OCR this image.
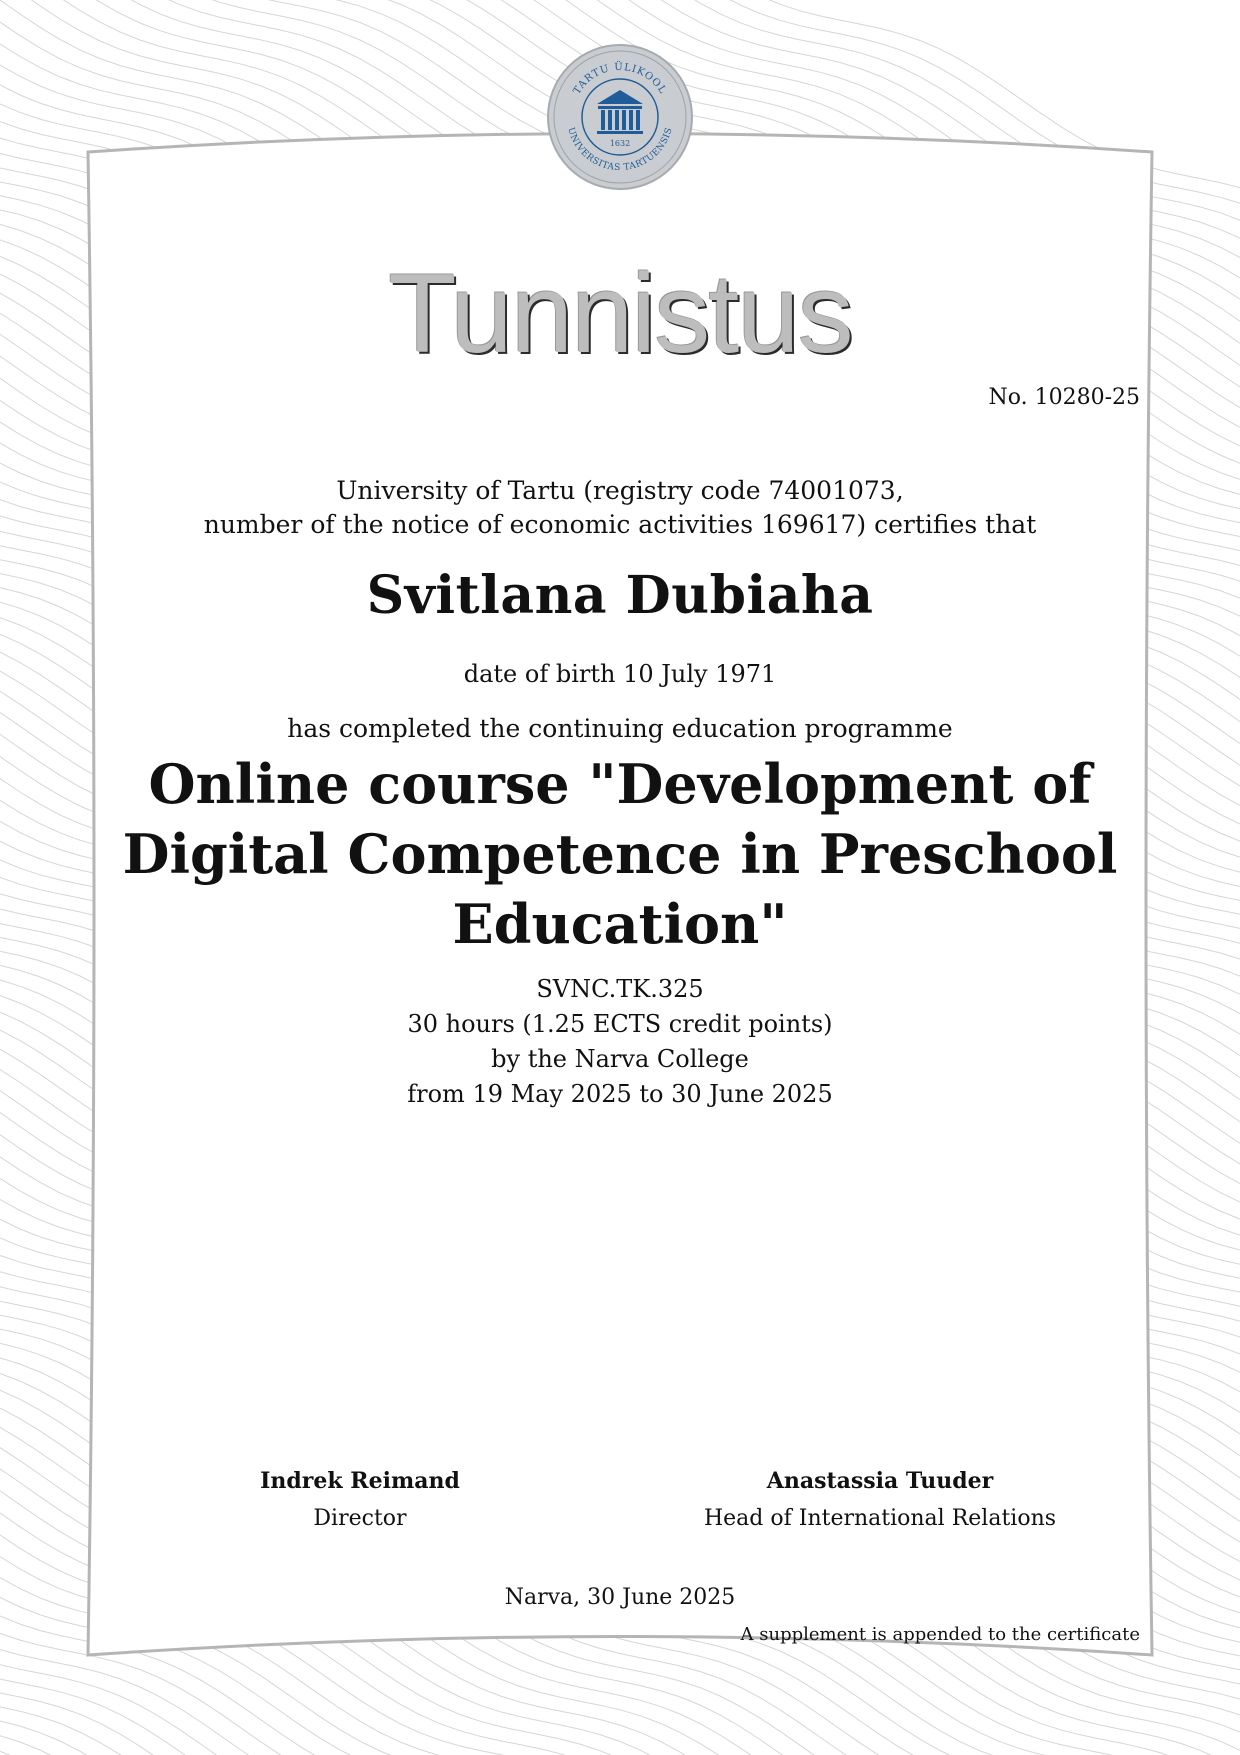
TARTU ÜLIKOOL
UNIVERSITAS TARTUENSIS
1632
Tunnistus
No. 10280-25
University of Tartu (registry code 74001073,
number of the notice of economic activities 169617) certifies that
Svitlana Dubiaha
date of birth 10 July 1971
has completed the continuing education programme
Online course "Development of
Digital Competence in Preschool
Education"
SVNC.TK.325
30 hours (1.25 ECTS credit points)
by the Narva College
from 19 May 2025 to 30 June 2025
Indrek Reimand
Director
Anastassia Tuuder
Head of International Relations
Narva, 30 June 2025
A supplement is appended to the certificate
